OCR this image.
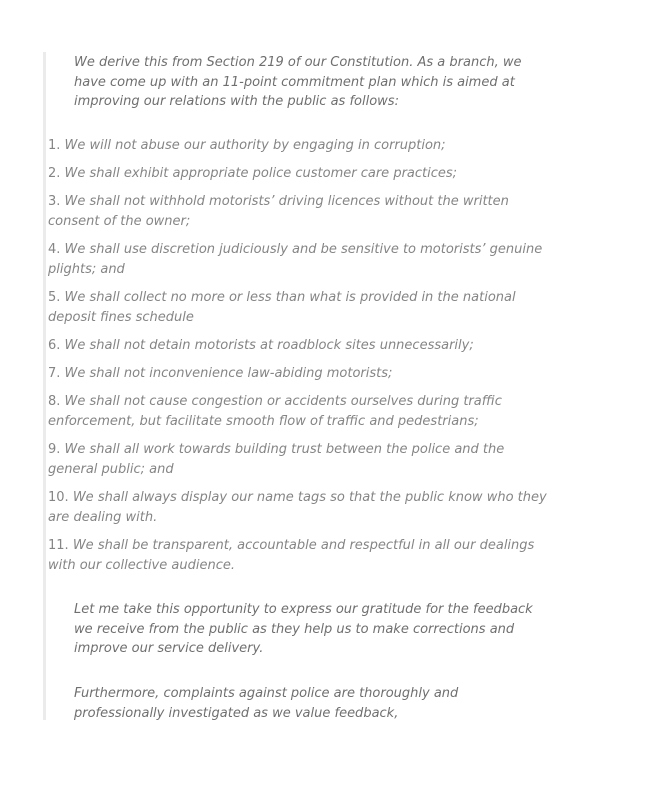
We derive this from Section 219 of our Constitution. As a branch, we have come up with an 11-point commitment plan which is aimed at improving our relations with the public as follows:

1. We will not abuse our authority by engaging in corruption;
2. We shall exhibit appropriate police customer care practices;
3. We shall not withhold motorists’ driving licences without the written consent of the owner;
4. We shall use discretion judiciously and be sensitive to motorists’ genuine plights; and
5. We shall collect no more or less than what is provided in the national deposit fines schedule
6. We shall not detain motorists at roadblock sites unnecessarily;
7. We shall not inconvenience law-abiding motorists;
8. We shall not cause congestion or accidents ourselves during traffic enforcement, but facilitate smooth flow of traffic and pedestrians;
9. We shall all work towards building trust between the police and the general public; and
10. We shall always display our name tags so that the public know who they are dealing with.
11. We shall be transparent, accountable and respectful in all our dealings with our collective audience.

Let me take this opportunity to express our gratitude for the feedback we receive from the public as they help us to make corrections and improve our service delivery.

Furthermore, complaints against police are thoroughly and professionally investigated as we value feedback,
